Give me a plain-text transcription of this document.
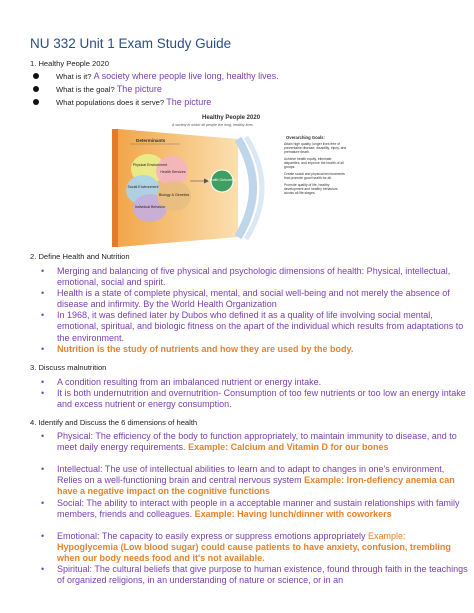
NU 332 Unit 1 Exam Study Guide
1. Healthy People 2020
What is it? A society where people live long, healthy lives.
What is the goal? The picture
What populations does it serve? The picture
Healthy People 2020
A society in which all people live long, healthy lives
Determinants
Physical Environment
Social Environment
Health Services
Individual Behavior
Biology & Genetics
Health Outcomes
Overarching Goals:
Attain high quality, longer lives free of preventable disease, disability, injury, and premature death.
Achieve health equity, eliminate disparities, and improve the health of all groups.
Create social and physical environments that promote good health for all.
Promote quality of life, healthy development and healthy behaviors across all life stages.
2. Define Health and Nutrition
• Merging and balancing of five physical and psychologic dimensions of health: Physical, intellectual, emotional, social and spirit.
• Health is a state of complete physical, mental, and social well-being and not merely the absence of disease and infirmity. By the World Health Organization
• In 1968, it was defined later by Dubos who defined it as a quality of life involving social mental, emotional, spiritual, and biologic fitness on the apart of the individual which results from adaptations to the environment.
• Nutrition is the study of nutrients and how they are used by the body.
3. Discuss malnutrition
• A condition resulting from an imbalanced nutrient or energy intake.
• It is both undernutrition and overnutrition- Consumption of too few nutrients or too low an energy intake and excess nutrient or energy consumption.
4. Identify and Discuss the 6 dimensions of health
• Physical: The efficiency of the body to function appropriately, to maintain immunity to disease, and to meet daily energy requirements. Example: Calcium and Vitamin D for our bones
• Intellectual: The use of intellectual abilities to learn and to adapt to changes in one's environment, Relies on a well-functioning brain and central nervous system Example: Iron-defiency anemia can have a negative impact on the cognitive functions
• Social: The ability to interact with people in a acceptable manner and sustain relationships with family members, friends and colleagues. Example: Having lunch/dinner with coworkers
• Emotional: The capacity to easily express or suppress emotions appropriately Example: Hypoglycemia (Low blood sugar) could cause patients to have anxiety, confusion, trembling when our body needs food and it's not available.
• Spiritual: The cultural beliefs that give purpose to human existence, found through faith in the teachings of organized religions, in an understanding of nature or science, or in an
